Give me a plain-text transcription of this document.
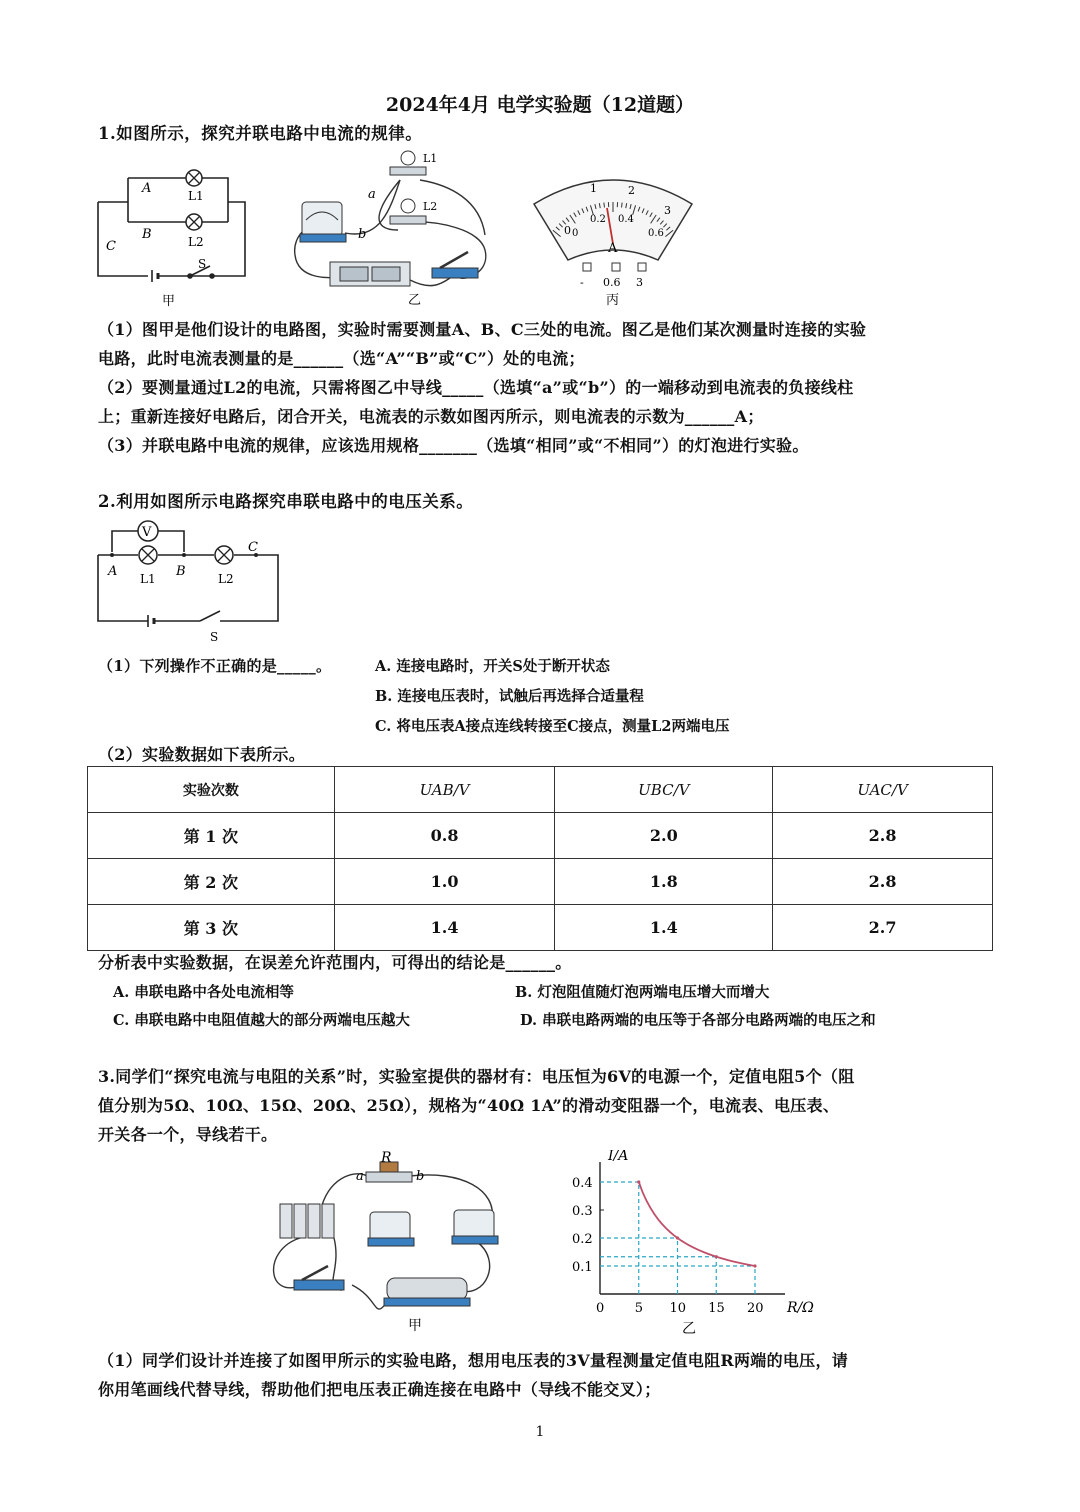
2024年4月 电学实验题（12道题）
1.如图所示，探究并联电路中电流的规律。
A
B
C
L1
L2
S
甲
L1
L2
a
b
乙
0
1	2
3
0.2 0.4
0	0.6
A
- 0.6 3
丙
（1）图甲是他们设计的电路图，实验时需要测量A、B、C三处的电流。图乙是他们某次测量时连接的实验
电路，此时电流表测量的是______（选“A”“B”或“C”）处的电流；
（2）要测量通过L2的电流，只需将图乙中导线_____（选填“a”或“b”）的一端移动到电流表的负接线柱
上；重新连接好电路后，闭合开关，电流表的示数如图丙所示，则电流表的示数为______A；
（3）并联电路中电流的规律，应该选用规格_______（选填“相同”或“不相同”）的灯泡进行实验。
2.利用如图所示电路探究串联电路中的电压关系。
V
A	B
C
L1	L2
S
（1）下列操作不正确的是_____。	A. 连接电路时，开关S处于断开状态
B. 连接电压表时，试触后再选择合适量程
C. 将电压表A接点连线转接至C接点，测量L2两端电压
（2）实验数据如下表所示。
实验次数	UAB/V	UBC/V	UAC/V
第 1 次	0.8	2.0	2.8
第 2 次	1.0	1.8	2.8
第 3 次	1.4	1.4	2.7
分析表中实验数据，在误差允许范围内，可得出的结论是______。
A. 串联电路中各处电流相等	B. 灯泡阻值随灯泡两端电压增大而增大
C. 串联电路中电阻值越大的部分两端电压越大	D. 串联电路两端的电压等于各部分电路两端的电压之和
3.同学们“探究电流与电阻的关系”时，实验室提供的器材有：电压恒为6V的电源一个，定值电阻5个（阻
值分别为5Ω、10Ω、15Ω、20Ω、25Ω），规格为“40Ω 1A”的滑动变阻器一个，电流表、电压表、
开关各一个，导线若干。
R
a	b
甲
I/A
R/Ω
0 5 10 15 20
0.1
0.2
0.3
0.4
乙
（1）同学们设计并连接了如图甲所示的实验电路，想用电压表的3V量程测量定值电阻R两端的电压，请
你用笔画线代替导线，帮助他们把电压表正确连接在电路中（导线不能交叉）；
1
